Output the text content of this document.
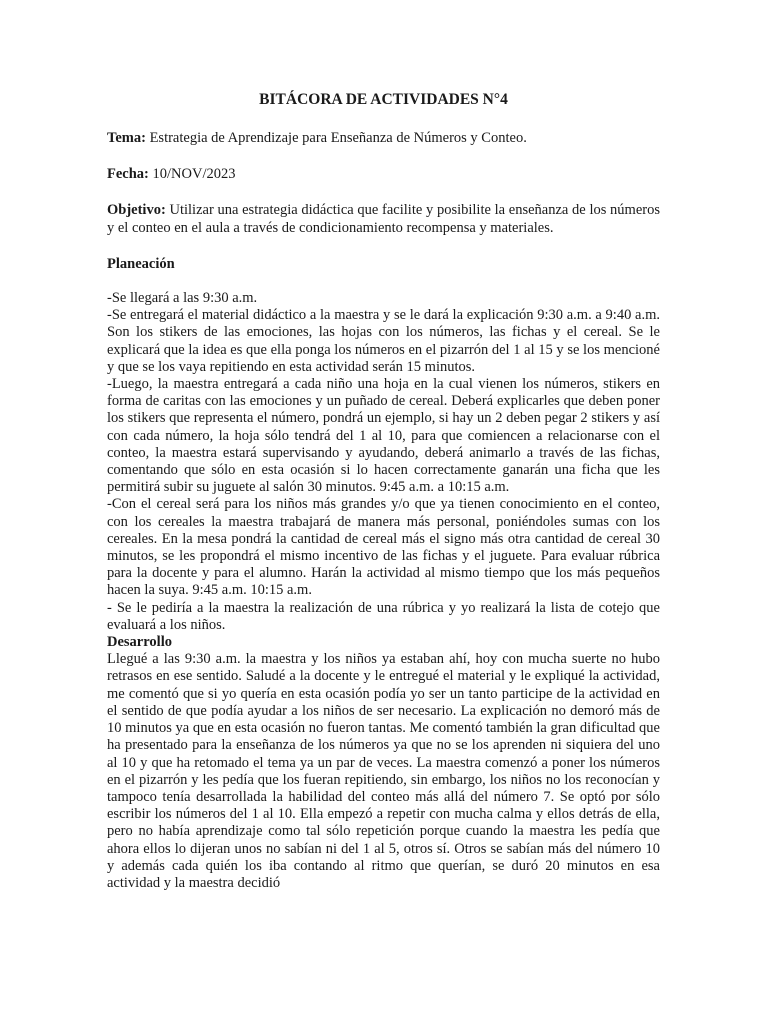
BITÁCORA DE ACTIVIDADES N°4
Tema: Estrategia de Aprendizaje para Enseñanza de Números y Conteo.
Fecha: 10/NOV/2023
Objetivo: Utilizar una estrategia didáctica que facilite y posibilite la enseñanza de los números y el conteo en el aula a través de condicionamiento recompensa y materiales.
Planeación
-Se llegará a las 9:30 a.m.
-Se entregará el material didáctico a la maestra y se le dará la explicación 9:30 a.m. a 9:40 a.m. Son los stikers de las emociones, las hojas con los números, las fichas y el cereal. Se le explicará que la idea es que ella ponga los números en el pizarrón del 1 al 15 y se los mencioné y que se los vaya repitiendo en esta actividad serán 15 minutos.
-Luego, la maestra entregará a cada niño una hoja en la cual vienen los números, stikers en forma de caritas con las emociones y un puñado de cereal. Deberá explicarles que deben poner los stikers que representa el número, pondrá un ejemplo, si hay un 2 deben pegar 2 stikers y así con cada número, la hoja sólo tendrá del 1 al 10, para que comiencen a relacionarse con el conteo, la maestra estará supervisando y ayudando, deberá animarlo a través de las fichas, comentando que sólo en esta ocasión si lo hacen correctamente ganarán una ficha que les permitirá subir su juguete al salón 30 minutos. 9:45 a.m. a 10:15 a.m.
-Con el cereal será para los niños más grandes y/o que ya tienen conocimiento en el conteo, con los cereales la maestra trabajará de manera más personal, poniéndoles sumas con los cereales. En la mesa pondrá la cantidad de cereal más el signo más otra cantidad de cereal 30 minutos, se les propondrá el mismo incentivo de las fichas y el juguete. Para evaluar rúbrica para la docente y para el alumno. Harán la actividad al mismo tiempo que los más pequeños hacen la suya. 9:45 a.m. 10:15 a.m.
- Se le pediría a la maestra la realización de una rúbrica y yo realizará la lista de cotejo que evaluará a los niños.
Desarrollo
Llegué a las 9:30 a.m. la maestra y los niños ya estaban ahí, hoy con mucha suerte no hubo retrasos en ese sentido. Saludé a la docente y le entregué el material y le expliqué la actividad, me comentó que si yo quería en esta ocasión podía yo ser un tanto participe de la actividad en el sentido de que podía ayudar a los niños de ser necesario. La explicación no demoró más de 10 minutos ya que en esta ocasión no fueron tantas. Me comentó también la gran dificultad que ha presentado para la enseñanza de los números ya que no se los aprenden ni siquiera del uno al 10 y que ha retomado el tema ya un par de veces. La maestra comenzó a poner los números en el pizarrón y les pedía que los fueran repitiendo, sin embargo, los niños no los reconocían y tampoco tenía desarrollada la habilidad del conteo más allá del número 7. Se optó por sólo escribir los números del 1 al 10. Ella empezó a repetir con mucha calma y ellos detrás de ella, pero no había aprendizaje como tal sólo repetición porque cuando la maestra les pedía que ahora ellos lo dijeran unos no sabían ni del 1 al 5, otros sí. Otros se sabían más del número 10 y además cada quién los iba contando al ritmo que querían, se duró 20 minutos en esa actividad y la maestra decidió
